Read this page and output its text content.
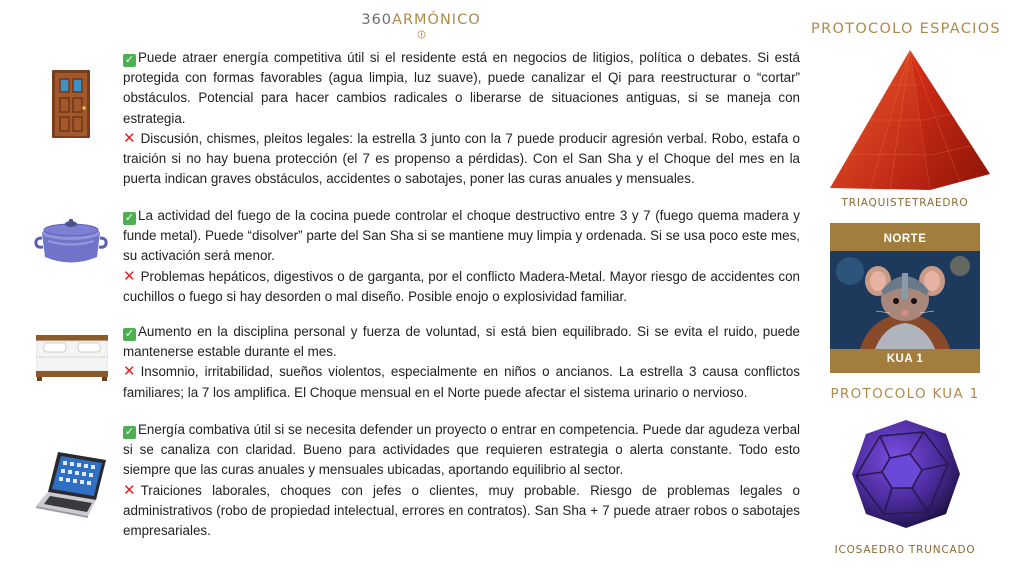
360ARMÓNICO

✓ Puede atraer energía competitiva útil si el residente está en negocios de litigios, política o debates. Si está protegida con formas favorables (agua limpia, luz suave), puede canalizar el Qi para reestructurar o “cortar” obstáculos. Potencial para hacer cambios radicales o liberarse de situaciones antiguas, si se maneja con estrategia.

✕ Discusión, chismes, pleitos legales: la estrella 3 junto con la 7 puede producir agresión verbal. Robo, estafa o traición si no hay buena protección (el 7 es propenso a pérdidas). Con el San Sha y el Choque del mes en la puerta indican graves obstáculos, accidentes o sabotajes, poner las curas anuales y mensuales.

✓ La actividad del fuego de la cocina puede controlar el choque destructivo entre 3 y 7 (fuego quema madera y funde metal). Puede “disolver” parte del San Sha si se mantiene muy limpia y ordenada. Si se usa poco este mes, su activación será menor.

✕ Problemas hepáticos, digestivos o de garganta, por el conflicto Madera-Metal. Mayor riesgo de accidentes con cuchillos o fuego si hay desorden o mal diseño. Posible enojo o explosividad familiar.

✓ Aumento en la disciplina personal y fuerza de voluntad, si está bien equilibrado. Si se evita el ruido, puede mantenerse estable durante el mes.

✕ Insomnio, irritabilidad, sueños violentos, especialmente en niños o ancianos. La estrella 3 causa conflictos familiares; la 7 los amplifica. El Choque mensual en el Norte puede afectar el sistema urinario o nervioso.

✓ Energía combativa útil si se necesita defender un proyecto o entrar en competencia. Puede dar agudeza verbal si se canaliza con claridad. Bueno para actividades que requieren estrategia o alerta constante. Todo esto siempre que las curas anuales y mensuales ubicadas, aportando equilibrio al sector.

✕ Traiciones laborales, choques con jefes o clientes, muy probable. Riesgo de problemas legales o administrativos (robo de propiedad intelectual, errores en contratos). San Sha + 7 puede atraer robos o sabotajes empresariales.

PROTOCOLO ESPACIOS
TRIAQUISTETRAEDRO
NORTE
KUA 1
PROTOCOLO KUA 1
ICOSAEDRO TRUNCADO
